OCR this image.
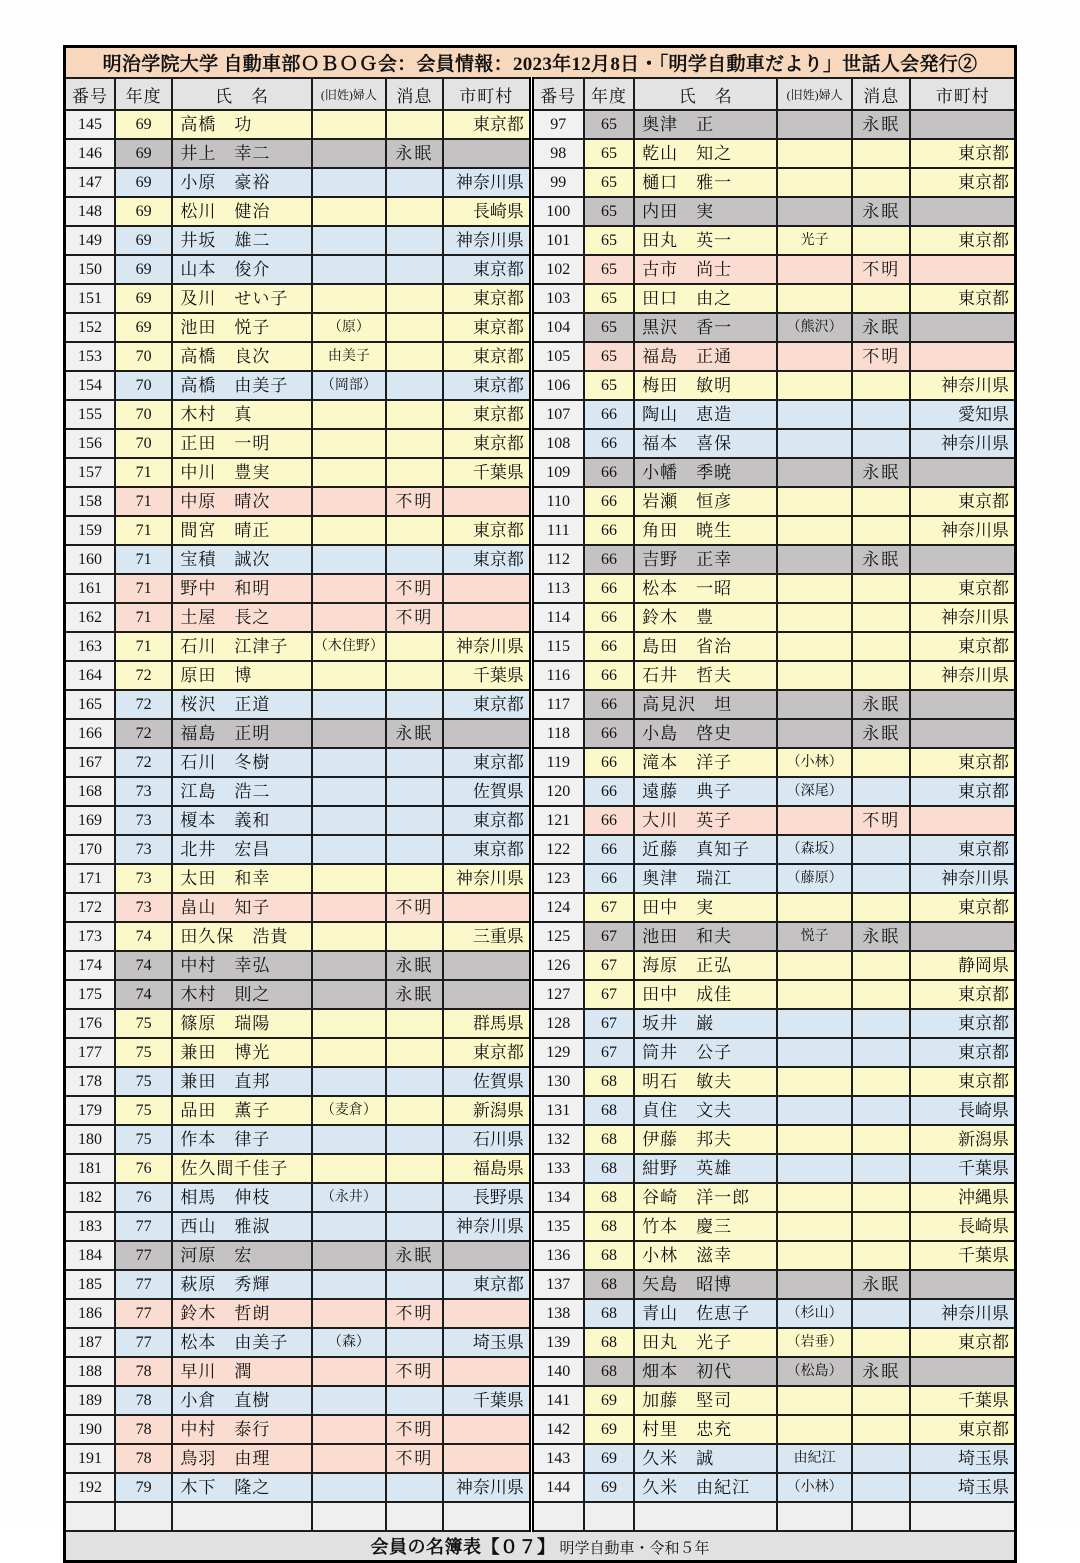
明治学院大学 自動車部ＯＢＯＧ会：会員情報：2023年12月8日・「明学自動車だより」世話人会発行②											
番号	年度	氏　名	(旧姓)婦人	消息	市町村	番号	年度	氏　名	(旧姓)婦人	消息	市町村
145	69	高橋　功			東京都	97	65	奥津　正		永眠	
146	69	井上　幸二		永眠		98	65	乾山　知之			東京都
147	69	小原　豪裕			神奈川県	99	65	樋口　雅一			東京都
148	69	松川　健治			長崎県	100	65	内田　実		永眠	
149	69	井坂　雄二			神奈川県	101	65	田丸　英一	光子		東京都
150	69	山本　俊介			東京都	102	65	古市　尚士		不明	
151	69	及川　せい子			東京都	103	65	田口　由之			東京都
152	69	池田　悦子	（原）		東京都	104	65	黒沢　香一	（熊沢）	永眠	
153	70	高橋　良次	由美子		東京都	105	65	福島　正通		不明	
154	70	高橋　由美子	（岡部）		東京都	106	65	梅田　敏明			神奈川県
155	70	木村　真			東京都	107	66	陶山　恵造			愛知県
156	70	正田　一明			東京都	108	66	福本　喜保			神奈川県
157	71	中川　豊実			千葉県	109	66	小幡　季暁		永眠	
158	71	中原　晴次		不明		110	66	岩瀬　恒彦			東京都
159	71	間宮　晴正			東京都	111	66	角田　暁生			神奈川県
160	71	宝積　誠次			東京都	112	66	吉野　正幸		永眠	
161	71	野中　和明		不明		113	66	松本　一昭			東京都
162	71	土屋　長之		不明		114	66	鈴木　豊			神奈川県
163	71	石川　江津子	（木住野）		神奈川県	115	66	島田　省治			東京都
164	72	原田　博			千葉県	116	66	石井　哲夫			神奈川県
165	72	桜沢　正道			東京都	117	66	高見沢　坦		永眠	
166	72	福島　正明		永眠		118	66	小島　啓史		永眠	
167	72	石川　冬樹			東京都	119	66	滝本　洋子	（小林）		東京都
168	73	江島　浩二			佐賀県	120	66	遠藤　典子	（深尾）		東京都
169	73	榎本　義和			東京都	121	66	大川　英子		不明	
170	73	北井　宏昌			東京都	122	66	近藤　真知子	（森坂）		東京都
171	73	太田　和幸			神奈川県	123	66	奥津　瑞江	（藤原）		神奈川県
172	73	畠山　知子		不明		124	67	田中　実			東京都
173	74	田久保　浩貴			三重県	125	67	池田　和夫	悦子	永眠	
174	74	中村　幸弘		永眠		126	67	海原　正弘			静岡県
175	74	木村　則之		永眠		127	67	田中　成佳			東京都
176	75	篠原　瑞陽			群馬県	128	67	坂井　巌			東京都
177	75	兼田　博光			東京都	129	67	筒井　公子			東京都
178	75	兼田　直邦			佐賀県	130	68	明石　敏夫			東京都
179	75	品田　薫子	（麦倉）		新潟県	131	68	貞住　文夫			長崎県
180	75	作本　律子			石川県	132	68	伊藤　邦夫			新潟県
181	76	佐久間千佳子			福島県	133	68	紺野　英雄			千葉県
182	76	相馬　伸枝	（永井）		長野県	134	68	谷崎　洋一郎			沖縄県
183	77	西山　雅淑			神奈川県	135	68	竹本　慶三			長崎県
184	77	河原　宏		永眠		136	68	小林　滋幸			千葉県
185	77	萩原　秀輝			東京都	137	68	矢島　昭博		永眠	
186	77	鈴木　哲朗		不明		138	68	青山　佐恵子	（杉山）		神奈川県
187	77	松本　由美子	（森）		埼玉県	139	68	田丸　光子	（岩垂）		東京都
188	78	早川　潤		不明		140	68	畑本　初代	（松島）	永眠	
189	78	小倉　直樹			千葉県	141	69	加藤　堅司			千葉県
190	78	中村　泰行		不明		142	69	村里　忠充			東京都
191	78	鳥羽　由理		不明		143	69	久米　誠	由紀江		埼玉県
192	79	木下　隆之			神奈川県	144	69	久米　由紀江	（小林）		埼玉県

会員の名簿表【０７】 明学自動車・令和５年											
